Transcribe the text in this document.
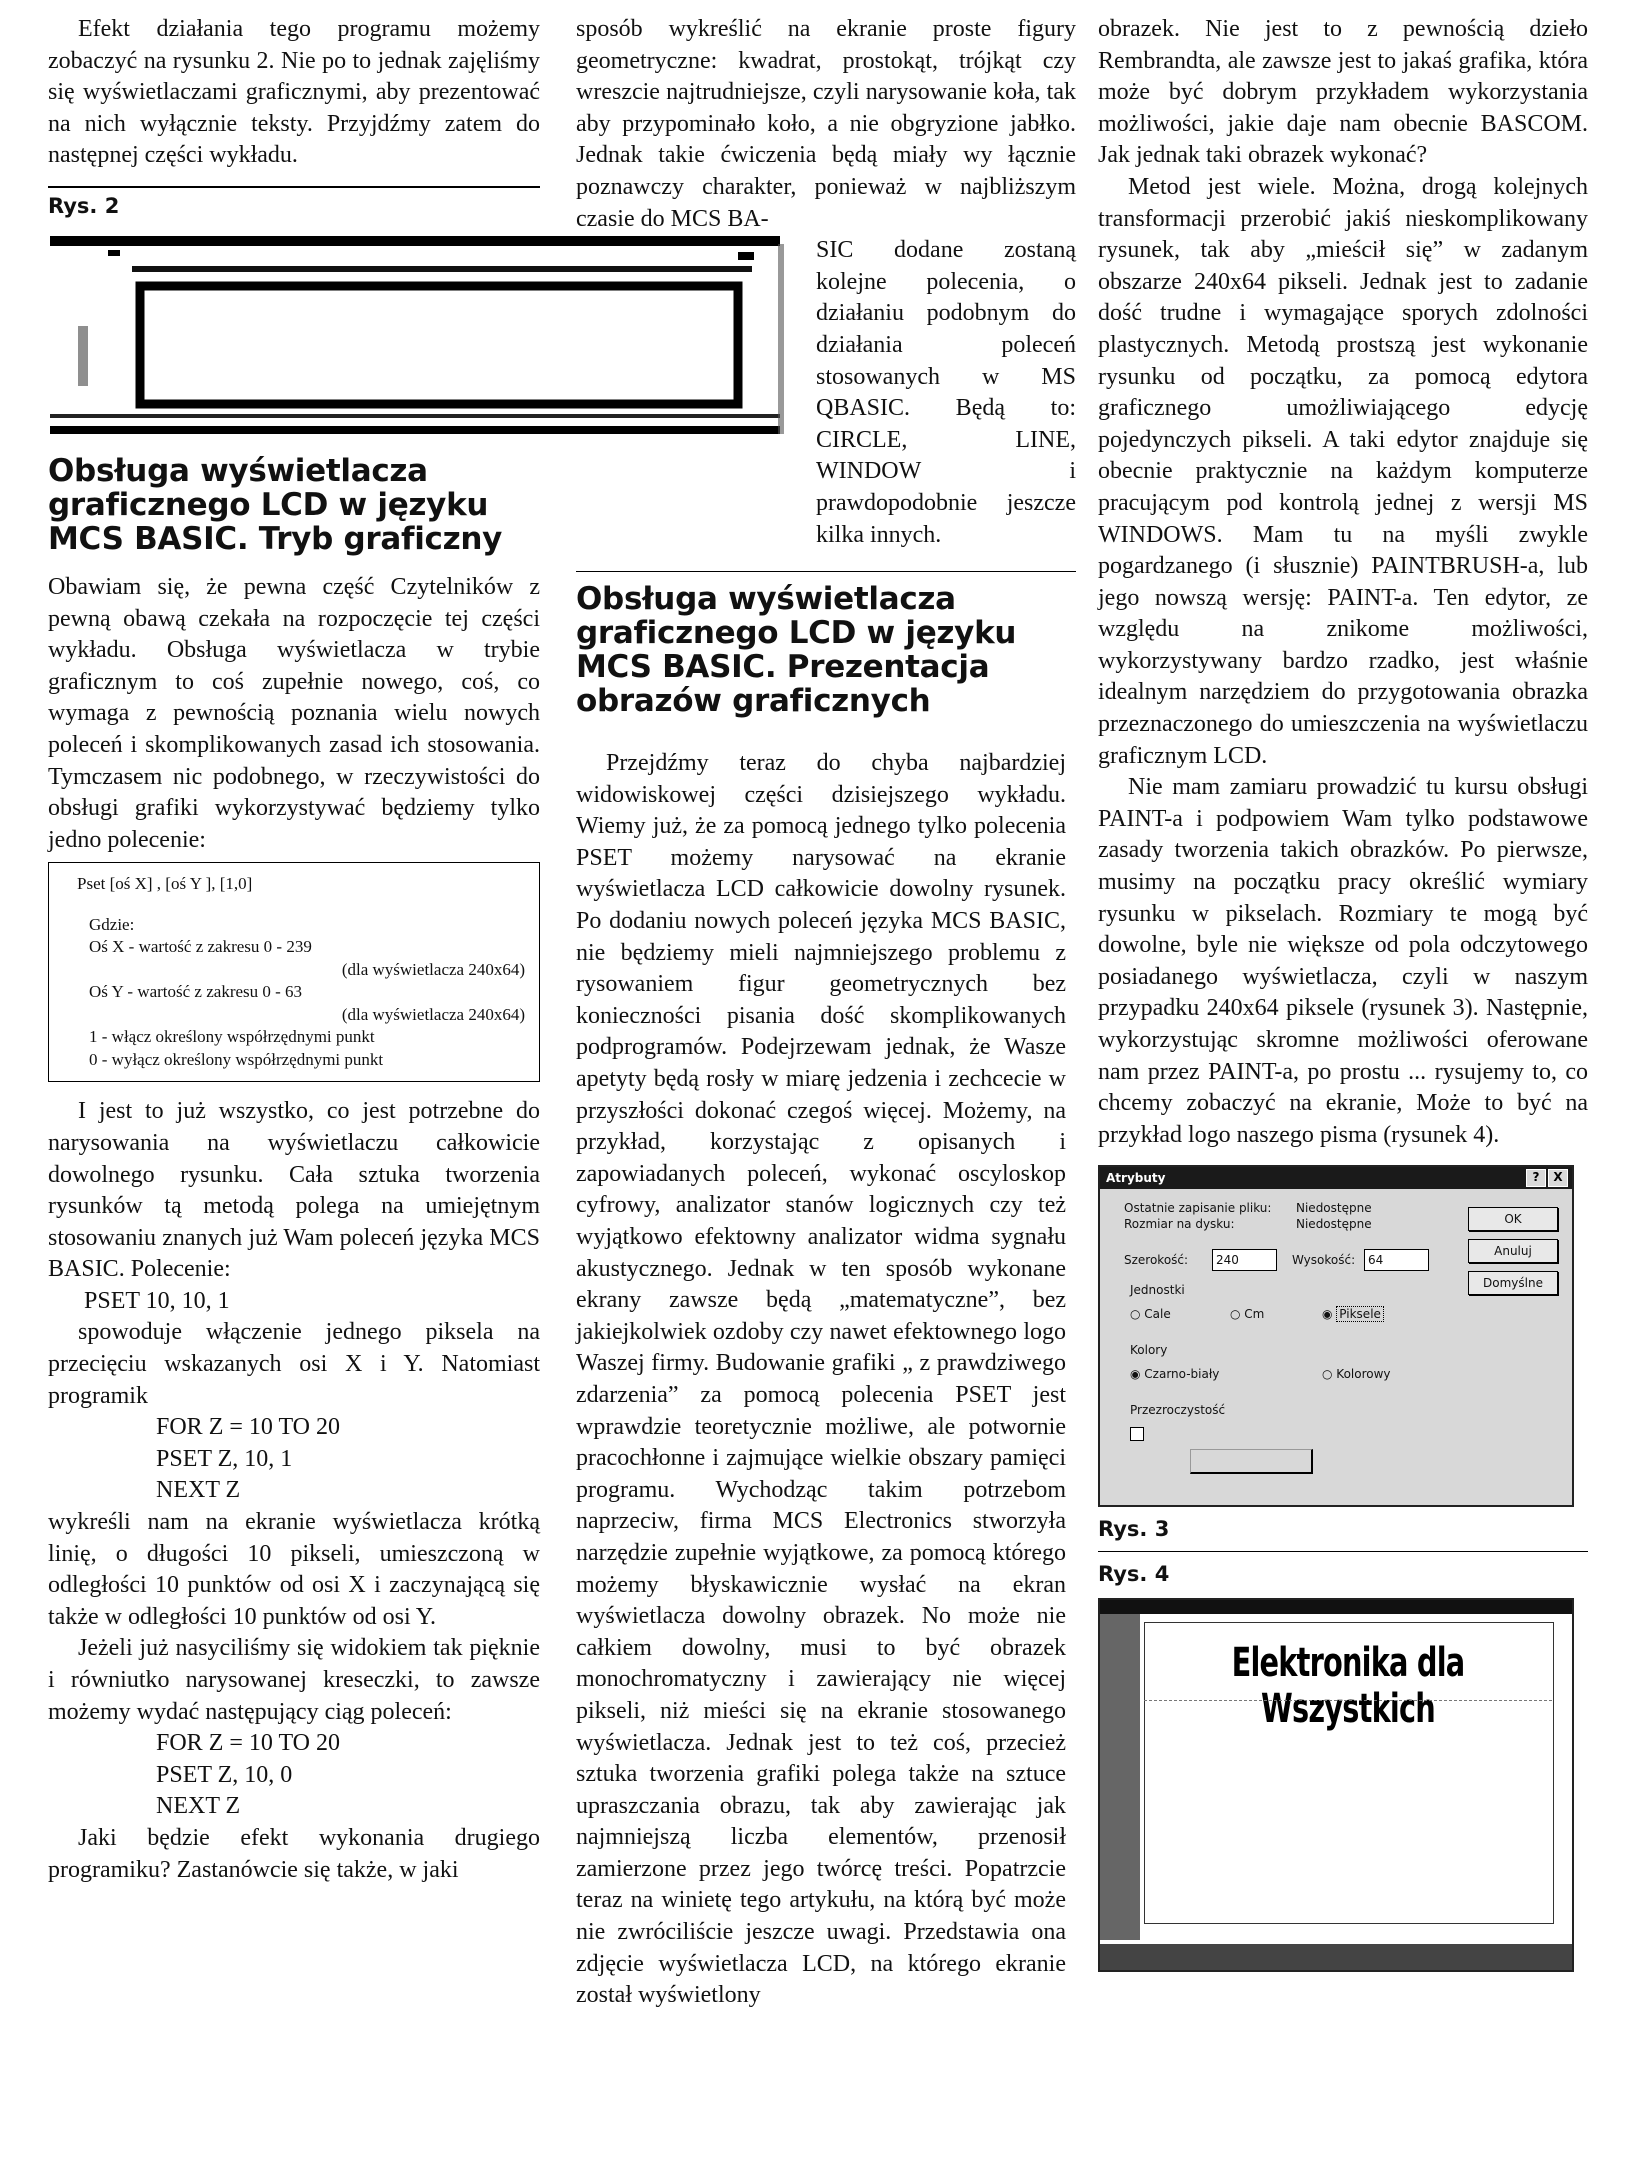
Efekt działania tego programu możemy zobaczyć na rysunku 2. Nie po to jednak zajęliśmy się wyświetlaczami graficznymi, aby prezentować na nich wyłącznie teksty. Przyjdźmy zatem do następnej części wykładu.

Rys. 2
Obsługa wyświetlacza graficznego LCD w języku MCS BASIC. Tryb graficzny

Obawiam się, że pewna część Czytelników z pewną obawą czekała na rozpoczęcie tej części wykładu. Obsługa wyświetlacza w trybie graficznym to coś zupełnie nowego, coś, co wymaga z pewnością poznania wielu nowych poleceń i skomplikowanych zasad ich stosowania. Tymczasem nic podobnego, w rzeczywistości do obsługi grafiki wykorzystywać będziemy tylko jedno polecenie:

Pset [oś X] , [oś Y ], [1,0]
Gdzie:
Oś X - wartość z zakresu 0 - 239
(dla wyświetlacza 240x64)
Oś Y - wartość z zakresu 0 - 63
(dla wyświetlacza 240x64)
1 - włącz określony współrzędnymi punkt
0 - wyłącz określony współrzędnymi punkt

I jest to już wszystko, co jest potrzebne do narysowania na wyświetlaczu całkowicie dowolnego rysunku. Cała sztuka tworzenia rysunków tą metodą polega na umiejętnym stosowaniu znanych już Wam poleceń języka MCS BASIC. Polecenie:

PSET 10, 10, 1

spowoduje włączenie jednego piksela na przecięciu wskazanych osi X i Y. Natomiast programik

FOR Z = 10 TO 20
PSET Z, 10, 1
NEXT Z

wykreśli nam na ekranie wyświetlacza krótką linię, o długości 10 pikseli, umieszczoną w odległości 10 punktów od osi X i zaczynającą się także w odległości 10 punktów od osi Y.

Jeżeli już nasyciliśmy się widokiem tak pięknie i równiutko narysowanej kreseczki, to zawsze możemy wydać następujący ciąg poleceń:

FOR Z = 10 TO 20
PSET Z, 10, 0
NEXT Z

Jaki będzie efekt wykonania drugiego programiku? Zastanówcie się także, w jaki

sposób wykreślić na ekranie proste figury geometryczne: kwadrat, prostokąt, trójkąt czy wreszcie najtrudniejsze, czyli narysowanie koła, tak aby przypominało koło, a nie obgryzione jabłko. Jednak takie ćwiczenia będą miały wy łącznie poznawczy charakter, ponieważ w najbliższym czasie do MCS BA-

SIC dodane zostaną kolejne polecenia, o działaniu podobnym do działania poleceń stosowanych w MS QBASIC. Będą to: CIRCLE, LINE, WINDOW i prawdopodobnie jeszcze kilka innych.

Obsługa wyświetlacza graficznego LCD w języku MCS BASIC. Prezentacja obrazów graficznych

Przejdźmy teraz do chyba najbardziej widowiskowej części dzisiejszego wykładu. Wiemy już, że za pomocą jednego tylko polecenia PSET możemy narysować na ekranie wyświetlacza LCD całkowicie dowolny rysunek. Po dodaniu nowych poleceń języka MCS BASIC, nie będziemy mieli najmniejszego problemu z rysowaniem figur geometrycznych bez konieczności pisania dość skomplikowanych podprogramów. Podejrzewam jednak, że Wasze apetyty będą rosły w miarę jedzenia i zechcecie w przyszłości dokonać czegoś więcej. Możemy, na przykład, korzystając z opisanych i zapowiadanych poleceń, wykonać oscyloskop cyfrowy, analizator stanów logicznych czy też wyjątkowo efektowny analizator widma sygnału akustycznego. Jednak w ten sposób wykonane ekrany zawsze będą „matematyczne”, bez jakiejkolwiek ozdoby czy nawet efektownego logo Waszej firmy. Budowanie grafiki „ z prawdziwego zdarzenia” za pomocą polecenia PSET jest wprawdzie teoretycznie możliwe, ale potwornie pracochłonne i zajmujące wielkie obszary pamięci programu. Wychodząc takim potrzebom naprzeciw, firma MCS Electronics stworzyła narzędzie zupełnie wyjątkowe, za pomocą którego możemy błyskawicznie wysłać na ekran wyświetlacza dowolny obrazek. No może nie całkiem dowolny, musi to być obrazek monochromatyczny i zawierający nie więcej pikseli, niż mieści się na ekranie stosowanego wyświetlacza. Jednak jest to też coś, przecież sztuka tworzenia grafiki polega także na sztuce upraszczania obrazu, tak aby zawierając jak najmniejszą liczba elementów, przenosił zamierzone przez jego twórcę treści. Popatrzcie teraz na winietę tego artykułu, na którą być może nie zwróciliście jeszcze uwagi. Przedstawia ona zdjęcie wyświetlacza LCD, na którego ekranie został wyświetlony

obrazek. Nie jest to z pewnością dzieło Rembrandta, ale zawsze jest to jakaś grafika, która może być dobrym przykładem wykorzystania możliwości, jakie daje nam obecnie BASCOM. Jak jednak taki obrazek wykonać?

Metod jest wiele. Można, drogą kolejnych transformacji przerobić jakiś nieskomplikowany rysunek, tak aby „mieścił się” w zadanym obszarze 240x64 pikseli. Jednak jest to zadanie dość trudne i wymagające sporych zdolności plastycznych. Metodą prostszą jest wykonanie rysunku od początku, za pomocą edytora graficznego umożliwiającego edycję pojedynczych pikseli. A taki edytor znajduje się obecnie praktycznie na każdym komputerze pracującym pod kontrolą jednej z wersji MS WINDOWS. Mam tu na myśli zwykle pogardzanego (i słusznie) PAINTBRUSH-a, lub jego nowszą wersję: PAINT-a. Ten edytor, ze względu na znikome możliwości, wykorzystywany bardzo rzadko, jest właśnie idealnym narzędziem do przygotowania obrazka przeznaczonego do umieszczenia na wyświetlaczu graficznym LCD.

Nie mam zamiaru prowadzić tu kursu obsługi PAINT-a i podpowiem Wam tylko podstawowe zasady tworzenia takich obrazków. Po pierwsze, musimy na początku pracy określić wymiary rysunku w pikselach. Rozmiary te mogą być dowolne, byle nie większe od pola odczytowego posiadanego wyświetlacza, czyli w naszym przypadku 240x64 piksele (rysunek 3). Następnie, wykorzystując skromne możliwości oferowane nam przez PAINT-a, po prostu ... rysujemy to, co chcemy zobaczyć na ekranie, Może to być na przykład logo naszego pisma (rysunek 4).

Atrybuty	?	X
Ostatnie zapisanie pliku: Niedostępne
Rozmiar na dysku:	Niedostępne	OK
Anuluj
Domyślne
Szerokość:	240	Wysokość:	64
Jednostki
○ Cale	○ Cm	◉ Piksele
Kolory
◉ Czarno-biały	○ Kolorowy
Przezroczystość
Rys. 3
Rys. 4
Elektronika dla Wszystkich
